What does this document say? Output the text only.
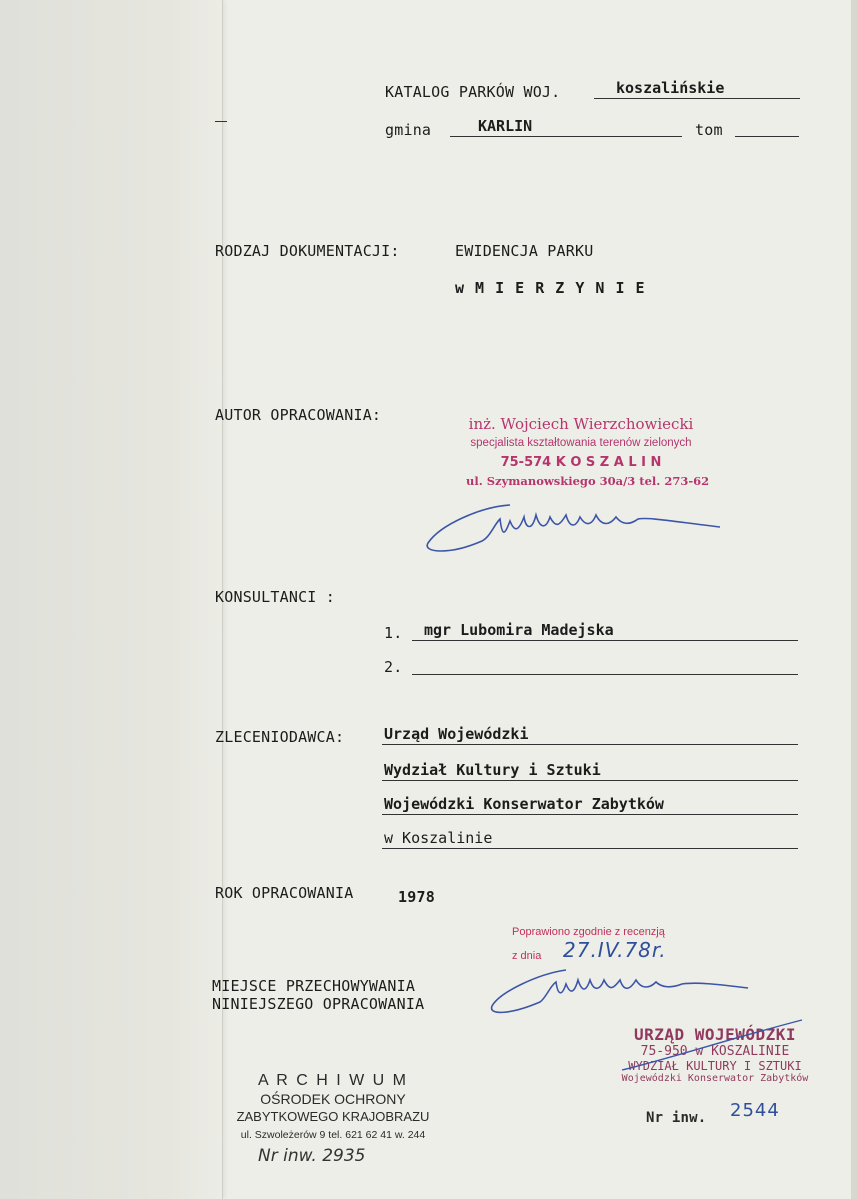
KATALOG PARKÓW WOJ.	koszalińskie
gmina	KARLIN	tom
RODZAJ DOKUMENTACJI:	EWIDENCJA PARKU
w M I E R Z Y N I E
AUTOR OPRACOWANIA:	inż. Wojciech Wierzchowiecki
specjalista kształtowania terenów zielonych
75-574 K O S Z A L I N
ul. Szymanowskiego 30a/3 tel. 273-62
KONSULTANCI :
1. mgr Lubomira Madejska
2.
ZLECENIODAWCA:	Urząd Wojewódzki
Wydział Kultury i Sztuki
Wojewódzki Konserwator Zabytków
w Koszalinie
ROK OPRACOWANIA	1978
MIEJSCE PRZECHOWYWANIA
NINIEJSZEGO OPRACOWANIA
Poprawiono zgodnie z recenzją
z dnia 27.IV.78r.
URZĄD WOJEWÓDZKI
75-950 w KOSZALINIE
WYDZIAŁ KULTURY I SZTUKI
Wojewódzki Konserwator Zabytków
Nr inw. 2544
A R C H I W U M
OŚRODEK OCHRONY
ZABYTKOWEGO KRAJOBRAZU
ul. Szwoleżerów 9 tel. 621 62 41 w. 244
Nr inw. 2935
